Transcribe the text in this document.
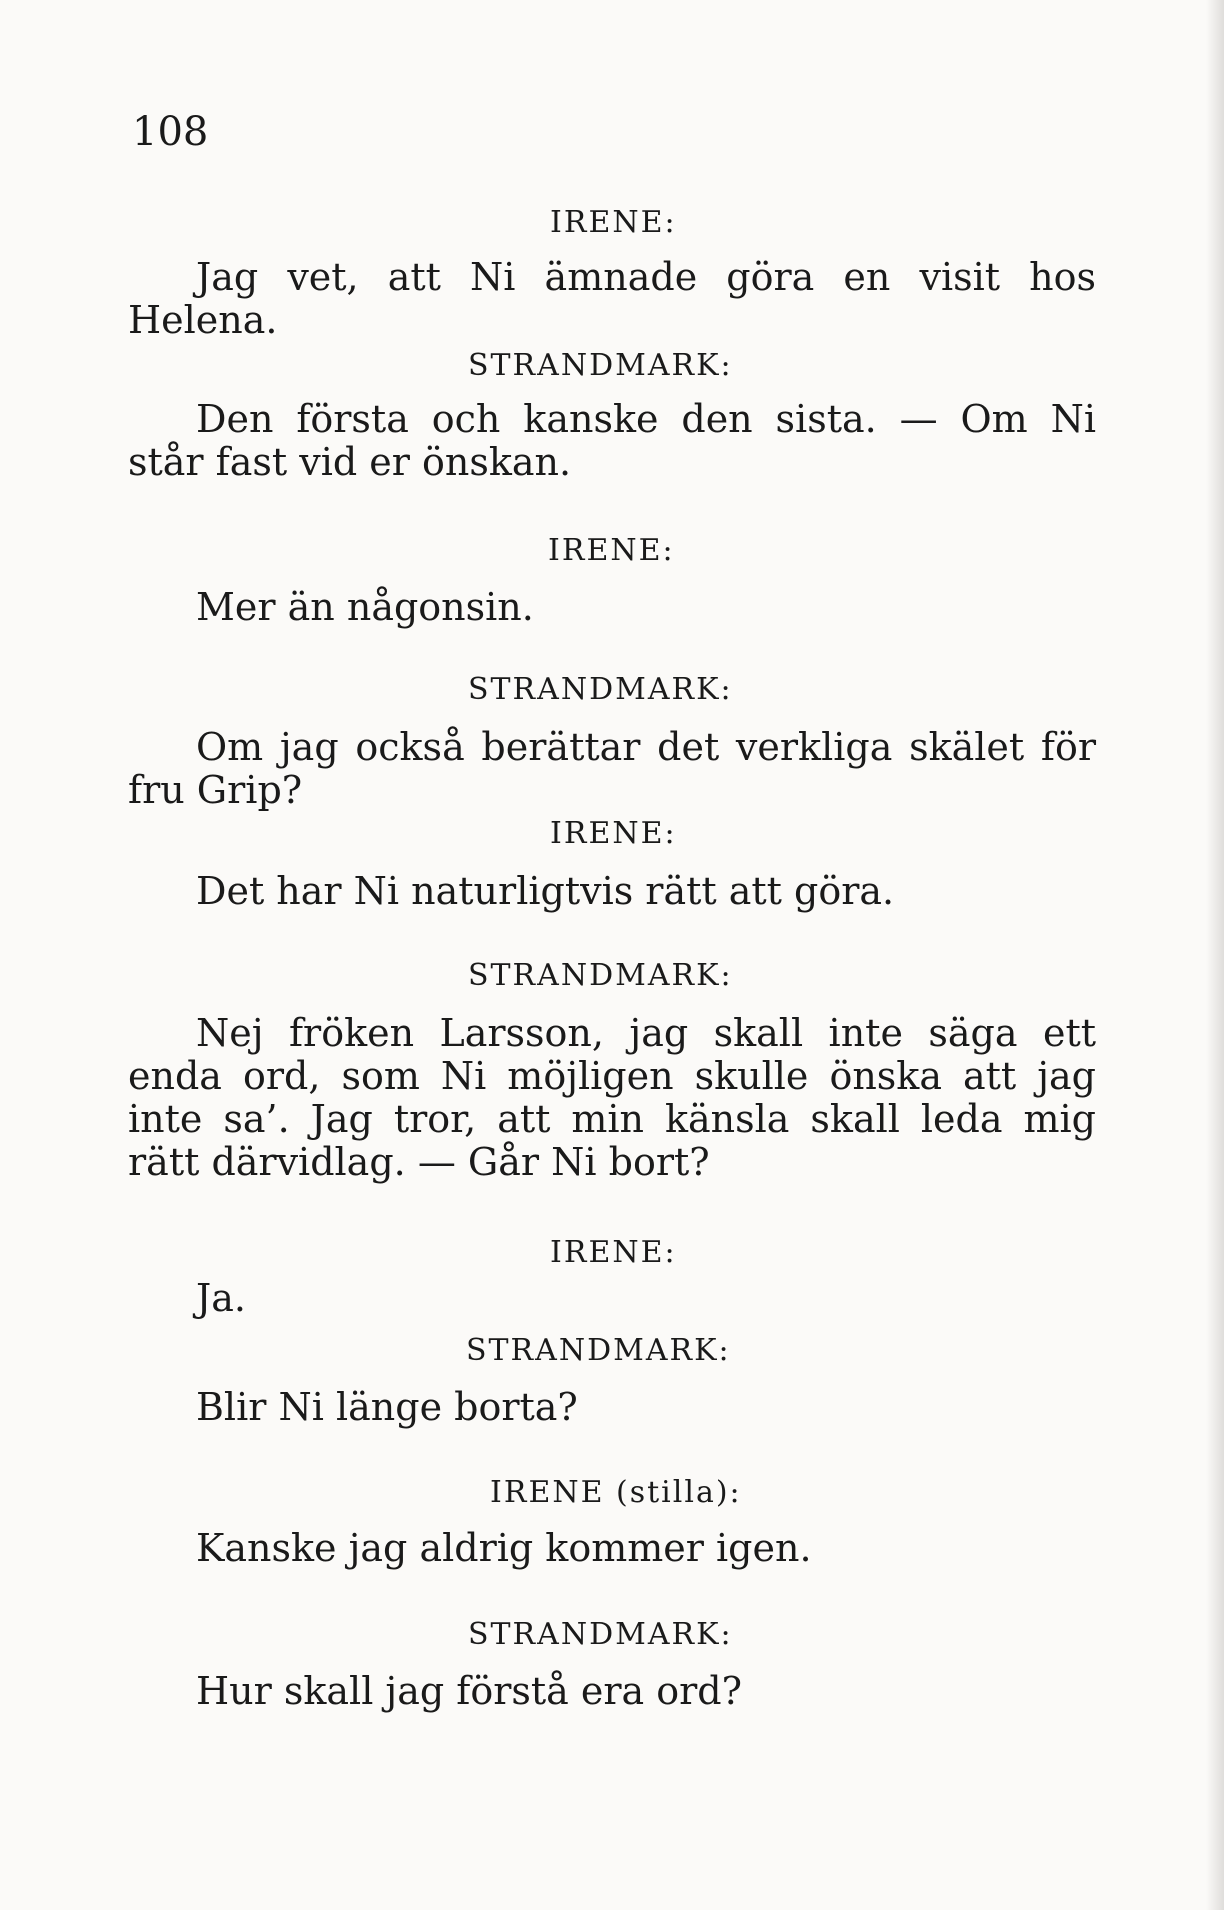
108
IRENE:
Jag vet, att Ni ämnade göra en visit hos Helena.
STRANDMARK:
Den första och kanske den sista. — Om Ni står fast vid er önskan.
IRENE:
Mer än någonsin.
STRANDMARK:
Om jag också berättar det verkliga skälet för fru Grip?
IRENE:
Det har Ni naturligtvis rätt att göra.
STRANDMARK:
Nej fröken Larsson, jag skall inte säga ett enda ord, som Ni möjligen skulle önska att jag inte sa’. Jag tror, att min känsla skall leda mig rätt därvidlag. — Går Ni bort?
IRENE:
Ja.
STRANDMARK:
Blir Ni länge borta?
IRENE (stilla):
Kanske jag aldrig kommer igen.
STRANDMARK:
Hur skall jag förstå era ord?
